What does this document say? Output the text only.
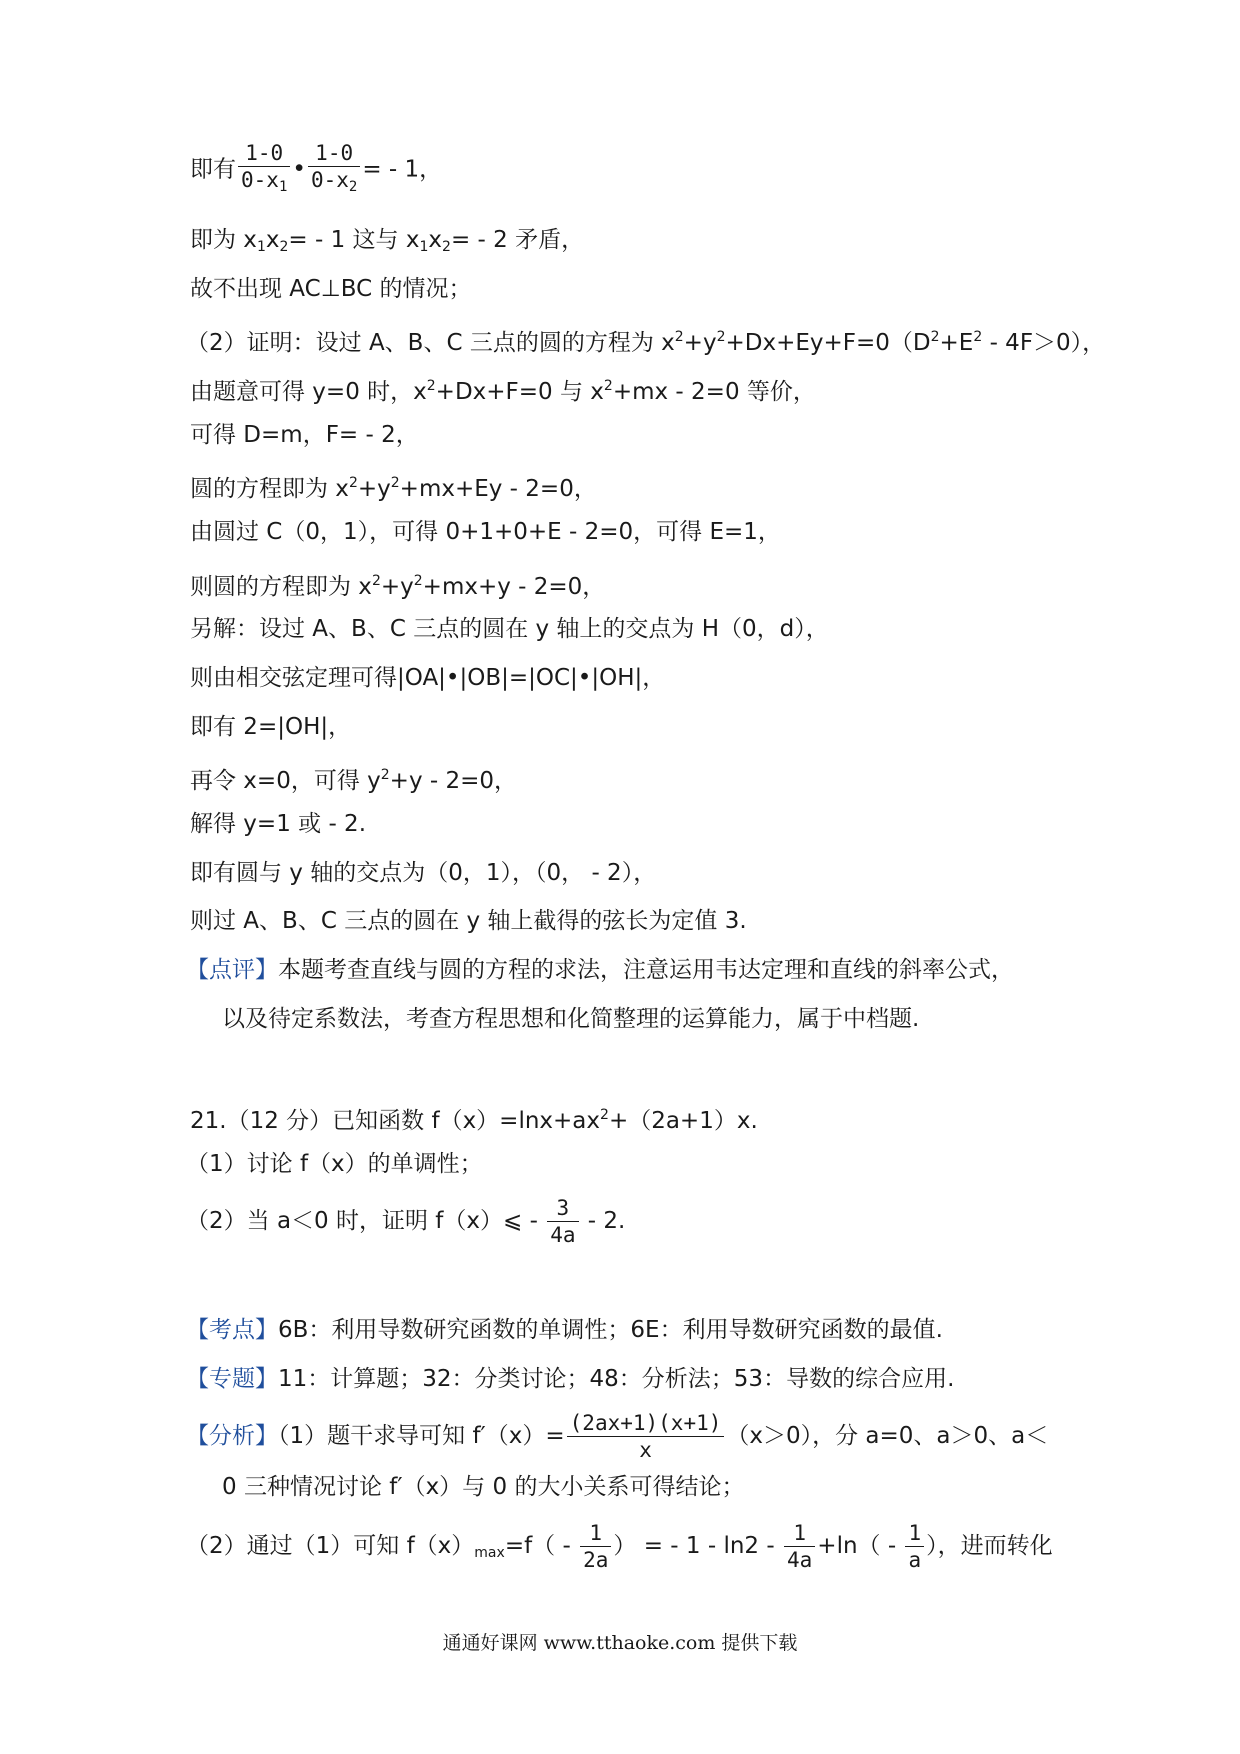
即有 $\frac{1-0}{0-x_1}$ • $\frac{1-0}{0-x_2}$ = ‐ 1，
即为 $x_1x_2=$ ‐ 1 这与 $x_1x_2=$ ‐ 2 矛盾，
故不出现 AC⊥BC 的情况；
（2）证明：设过 A、B、C 三点的圆的方程为 $x^2+y^2+Dx+Ey+F=0(D^2+E^2$ ‐ 4F＞0），
由题意可得 y=0 时，$x^2+Dx+F=0$ 与 $x^2+mx$ ‐ 2=0 等价，
可得 D=m，F= ‐ 2，
圆的方程即为 $x^2+y^2+mx+Ey$ ‐ 2=0，
由圆过 C（0，1），可得 0+1+0+E ‐ 2=0，可得 E=1，
则圆的方程即为 $x^2+y^2+mx+y$ ‐ 2=0，
另解：设过 A、B、C 三点的圆在 y 轴上的交点为 H（0，d），
则由相交弦定理可得|OA|•|OB|=|OC|•|OH|，
即有 2=|OH|，
再令 x=0，可得 $y^2+y$ ‐ 2=0，
解得 y=1 或 ‐ 2.
即有圆与 y 轴的交点为（0，1），（0， ‐ 2），
则过 A、B、C 三点的圆在 y 轴上截得的弦长为定值 3.
【点评】本题考查直线与圆的方程的求法，注意运用韦达定理和直线的斜率公式，
以及待定系数法，考查方程思想和化简整理的运算能力，属于中档题.
21.（12 分）已知函数 $f(x)=\ln x+ax^2+(2a+1)x$.
（1）讨论 f（x）的单调性；
（2）当 a＜0 时，证明 f（x）⩽ ‐ $\frac{3}{4a}$ ‐ 2.
【考点】6B：利用导数研究函数的单调性；6E：利用导数研究函数的最值.
【专题】11：计算题；32：分类讨论；48：分析法；53：导数的综合应用.
【分析】（1）题干求导可知 $f'(x)= \frac{(2ax+1)(x+1)}{x} (x>0)$，分 a=0、a＞0、a＜
0 三种情况讨论 f′（x）与 0 的大小关系可得结论；
（2）通过（1）可知 $f(x)_{max}=f$（ ‐ $\frac{1}{2a}$ ） = ‐ 1 ‐ ln2 ‐ $\frac{1}{4a} +\ln$（ ‐ $\frac{1}{a}$ ），进而转化
通通好课网 www.tthaoke.com 提供下载
